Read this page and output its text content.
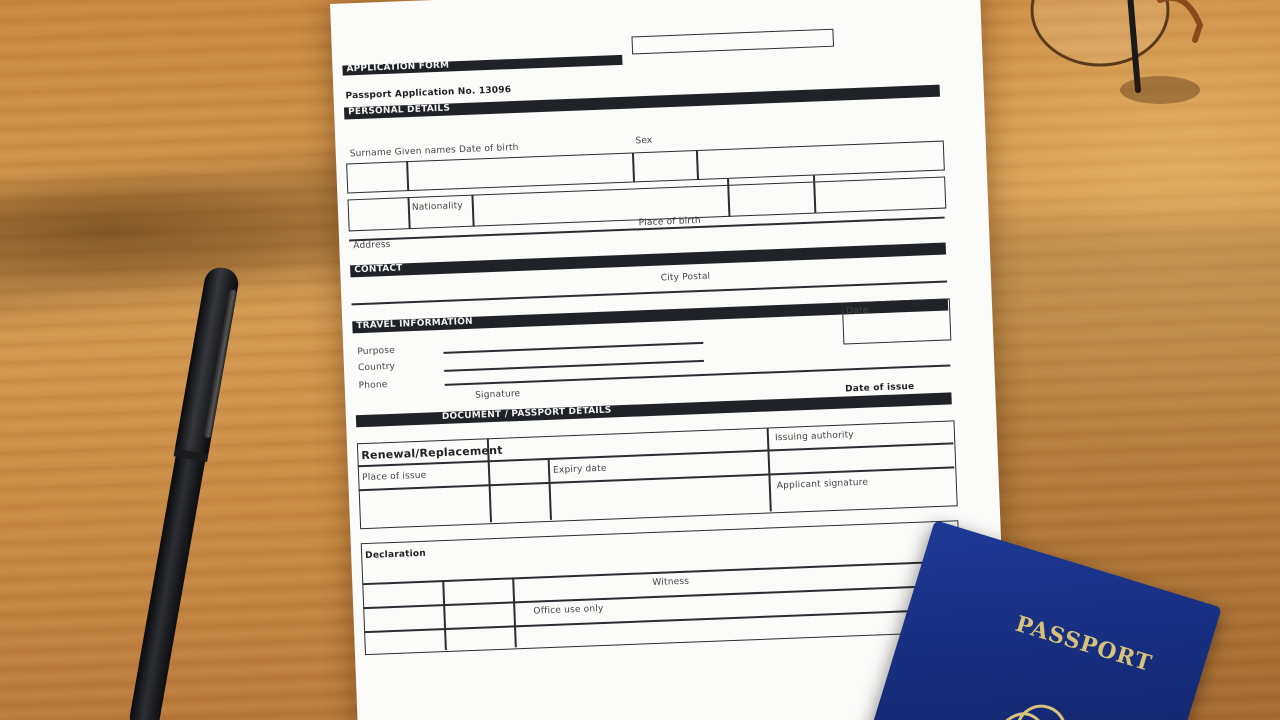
APPLICATION FORM
Passport Application No. 13096
PERSONAL DETAILS
Surname Given names Date of birth
Sex
Nationality
Address
Place of birth
CONTACT
City Postal
TRAVEL INFORMATION
Date
Purpose
Country
Phone
Signature
DOCUMENT / PASSPORT DETAILS
Date of issue
Renewal/Replacement
Place of issue
Expiry date
Issuing authority
Applicant signature
Declaration
Witness
Office use only
PASSPORT
